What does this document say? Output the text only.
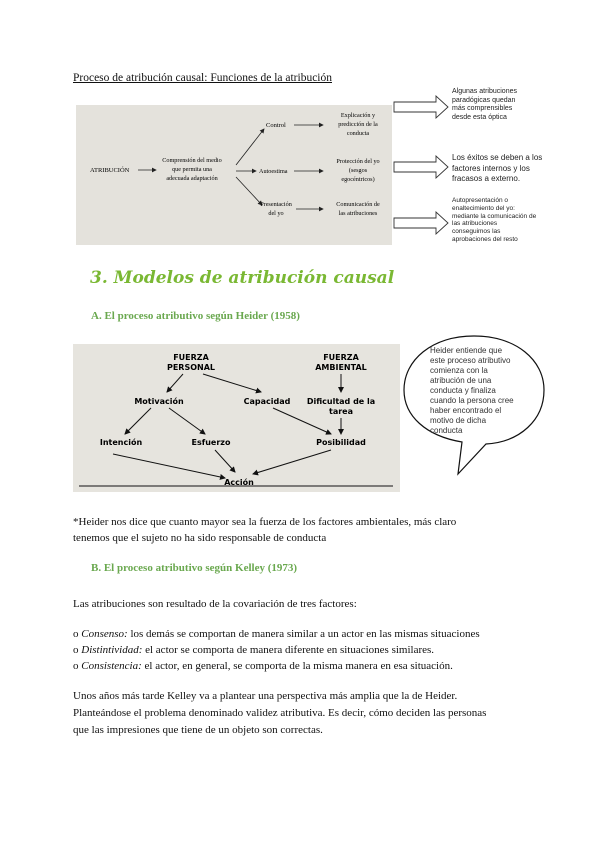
Proceso de atribución causal: Funciones de la atribución
ATRIBUCIÓN
Comprensión del medio
que permita una
adecuada adaptación
Control
Autoestima
Presentación
del yo
Explicación y
predicción de la
conducta
Protección del yo
(sesgos
egocéntricos)
Comunicación de
las atribuciones
Algunas atribuciones
paradógicas quedan
más comprensibles
desde esta óptica
Los éxitos se deben a los
factores internos y los
fracasos a externo.
Autopresentación o
enaltecimiento del yo:
mediante la comunicación de
las atribuciones
conseguimos las
aprobaciones del resto
3. Modelos de atribución causal
A. El proceso atributivo según Heider (1958)
FUERZA
PERSONAL
FUERZA
AMBIENTAL
Motivación	Capacidad Dificultad de la
tarea
Intención	Esfuerzo	Posibilidad
Acción
Heider entiende que
este proceso atributivo
comienza con la
atribución de una
conducta y finaliza
cuando la persona cree
haber encontrado el
motivo de dicha
conducta
*Heider nos dice que cuanto mayor sea la fuerza de los factores ambientales, más claro
tenemos que el sujeto no ha sido responsable de conducta
B. El proceso atributivo según Kelley (1973)
Las atribuciones son resultado de la covariación de tres factores:
o Consenso: los demás se comportan de manera similar a un actor en las mismas situaciones
o Distintividad: el actor se comporta de manera diferente en situaciones similares.
o Consistencia: el actor, en general, se comporta de la misma manera en esa situación.
Unos años más tarde Kelley va a plantear una perspectiva más amplia que la de Heider.
Planteándose el problema denominado validez atributiva. Es decir, cómo deciden las personas
que las impresiones que tiene de un objeto son correctas.
